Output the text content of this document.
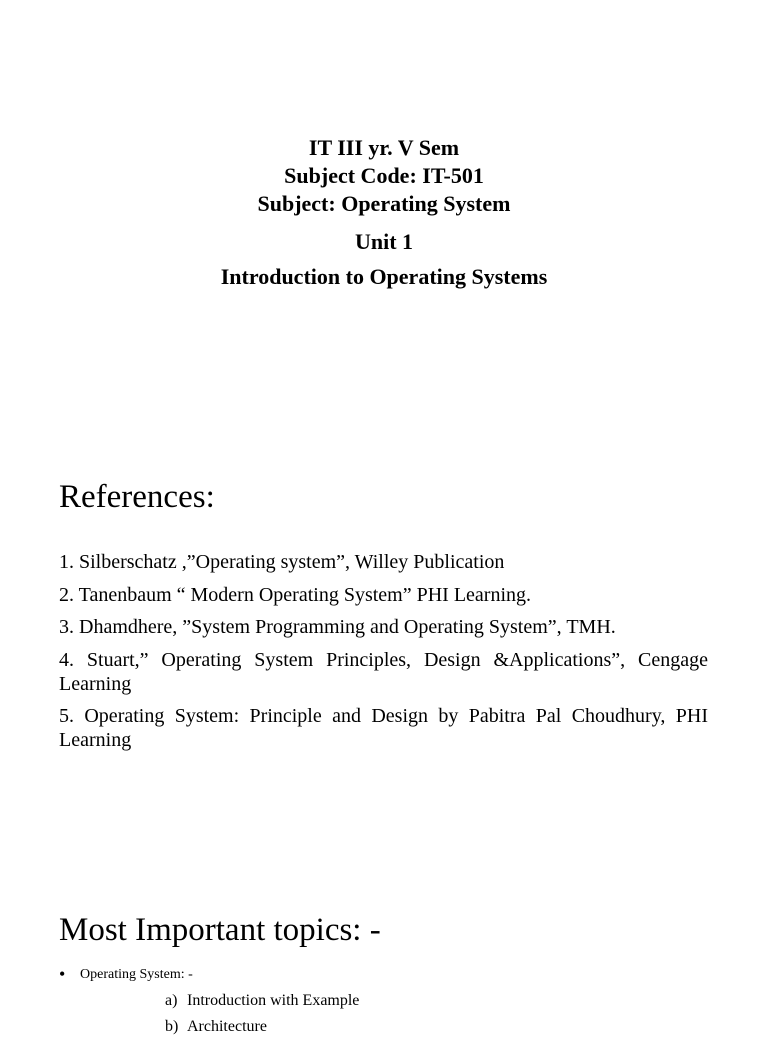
IT III yr. V Sem
Subject Code: IT-501
Subject: Operating System
Unit 1
Introduction to Operating Systems
References:
1. Silberschatz ,”Operating system”, Willey Publication
2. Tanenbaum “ Modern Operating System” PHI Learning.
3. Dhamdhere, ”System Programming and Operating System”, TMH.
4. Stuart,” Operating System Principles, Design &Applications”, Cengage Learning
5. Operating System: Principle and Design by Pabitra Pal Choudhury, PHI Learning
Most Important topics: -
• Operating System: -
a) Introduction with Example
b) Architecture
